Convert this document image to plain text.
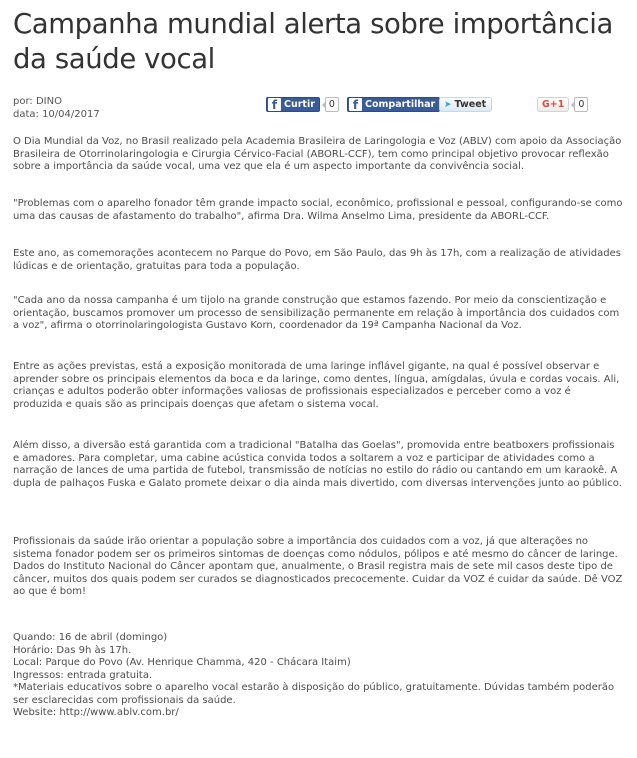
Campanha mundial alerta sobre importância da saúde vocal
por: DINO
data: 10/04/2017
f Curtir	0	f Compartilhar ➤ Tweet	G+1	0

O Dia Mundial da Voz, no Brasil realizado pela Academia Brasileira de Laringologia e Voz (ABLV) com apoio da Associação Brasileira de Otorrinolaringologia e Cirurgia Cérvico-Facial (ABORL-CCF), tem como principal objetivo provocar reflexão sobre a importância da saúde vocal, uma vez que ela é um aspecto importante da convivência social.

"Problemas com o aparelho fonador têm grande impacto social, econômico, profissional e pessoal, configurando-se como uma das causas de afastamento do trabalho", afirma Dra. Wilma Anselmo Lima, presidente da ABORL-CCF.

Este ano, as comemorações acontecem no Parque do Povo, em São Paulo, das 9h às 17h, com a realização de atividades lúdicas e de orientação, gratuitas para toda a população.

"Cada ano da nossa campanha é um tijolo na grande construção que estamos fazendo. Por meio da conscientização e orientação, buscamos promover um processo de sensibilização permanente em relação à importância dos cuidados com a voz", afirma o otorrinolaringologista Gustavo Korn, coordenador da 19ª Campanha Nacional da Voz.

Entre as ações previstas, está a exposição monitorada de uma laringe inflável gigante, na qual é possível observar e aprender sobre os principais elementos da boca e da laringe, como dentes, língua, amígdalas, úvula e cordas vocais. Ali, crianças e adultos poderão obter informações valiosas de profissionais especializados e perceber como a voz é produzida e quais são as principais doenças que afetam o sistema vocal.

Além disso, a diversão está garantida com a tradicional "Batalha das Goelas", promovida entre beatboxers profissionais e amadores. Para completar, uma cabine acústica convida todos a soltarem a voz e participar de atividades como a narração de lances de uma partida de futebol, transmissão de notícias no estilo do rádio ou cantando em um karaokê. A dupla de palhaços Fuska e Galato promete deixar o dia ainda mais divertido, com diversas intervenções junto ao público.

Profissionais da saúde irão orientar a população sobre a importância dos cuidados com a voz, já que alterações no sistema fonador podem ser os primeiros sintomas de doenças como nódulos, pólipos e até mesmo do câncer de laringe. Dados do Instituto Nacional do Câncer apontam que, anualmente, o Brasil registra mais de sete mil casos deste tipo de câncer, muitos dos quais podem ser curados se diagnosticados precocemente. Cuidar da VOZ é cuidar da saúde. Dê VOZ ao que é bom!

Quando: 16 de abril (domingo)
Horário: Das 9h às 17h.
Local: Parque do Povo (Av. Henrique Chamma, 420 - Chácara Itaim)
Ingressos: entrada gratuita.
*Materiais educativos sobre o aparelho vocal estarão à disposição do público, gratuitamente. Dúvidas também poderão ser esclarecidas com profissionais da saúde.
Website: http://www.ablv.com.br/
